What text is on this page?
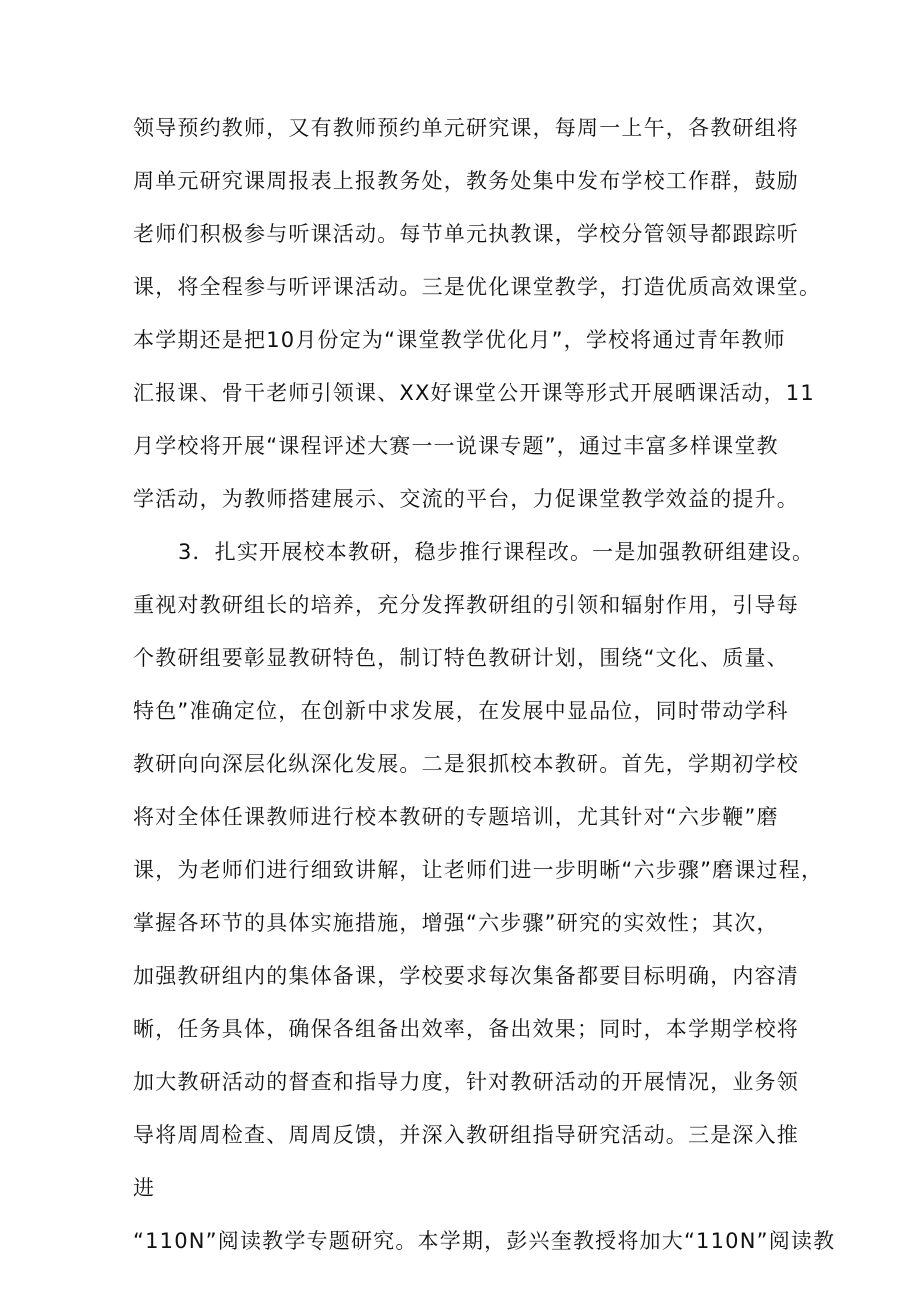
领导预约教师，又有教师预约单元研究课，每周一上午，各教研组将
周单元研究课周报表上报教务处，教务处集中发布学校工作群，鼓励
老师们积极参与听课活动。每节单元执教课，学校分管领导都跟踪听
课，将全程参与听评课活动。三是优化课堂教学，打造优质高效课堂。
本学期还是把10月份定为“课堂教学优化月”，学校将通过青年教师
汇报课、骨干老师引领课、XX好课堂公开课等形式开展晒课活动，11
月学校将开展“课程评述大赛一一说课专题”，通过丰富多样课堂教
学活动，为教师搭建展示、交流的平台，力促课堂教学效益的提升。
3．扎实开展校本教研，稳步推行课程改。一是加强教研组建设。
重视对教研组长的培养，充分发挥教研组的引领和辐射作用，引导每
个教研组要彰显教研特色，制订特色教研计划，围绕“文化、质量、
特色”准确定位，在创新中求发展，在发展中显品位，同时带动学科
教研向向深层化纵深化发展。二是狠抓校本教研。首先，学期初学校
将对全体任课教师进行校本教研的专题培训，尤其针对“六步鞭”磨
课，为老师们进行细致讲解，让老师们进一步明晰“六步骤”磨课过程，
掌握各环节的具体实施措施，增强“六步骤”研究的实效性；其次，
加强教研组内的集体备课，学校要求每次集备都要目标明确，内容清
晰，任务具体，确保各组备出效率，备出效果；同时，本学期学校将
加大教研活动的督查和指导力度，针对教研活动的开展情况，业务领
导将周周检查、周周反馈，并深入教研组指导研究活动。三是深入推
进
“110N”阅读教学专题研究。本学期，彭兴奎教授将加大“110N”阅读教
